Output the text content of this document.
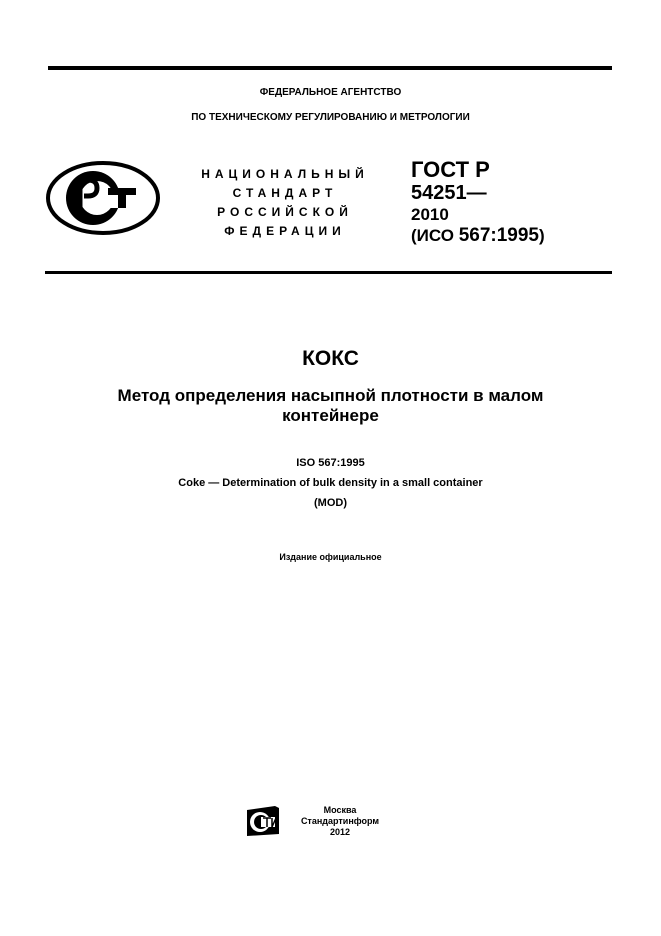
ФЕДЕРАЛЬНОЕ АГЕНТСТВО
ПО ТЕХНИЧЕСКОМУ РЕГУЛИРОВАНИЮ И МЕТРОЛОГИИ
НАЦИОНАЛЬНЫЙ
СТАНДАРТ
РОССИЙСКОЙ
ФЕДЕРАЦИИ
ГОСТ Р
54251—
2010
(ИСО 567:1995)
КОКС
Метод определения насыпной плотности в малом
контейнере
ISO 567:1995
Coke — Determination of bulk density in a small container
(MOD)
Издание официальное
Москва
Стандартинформ
2012
